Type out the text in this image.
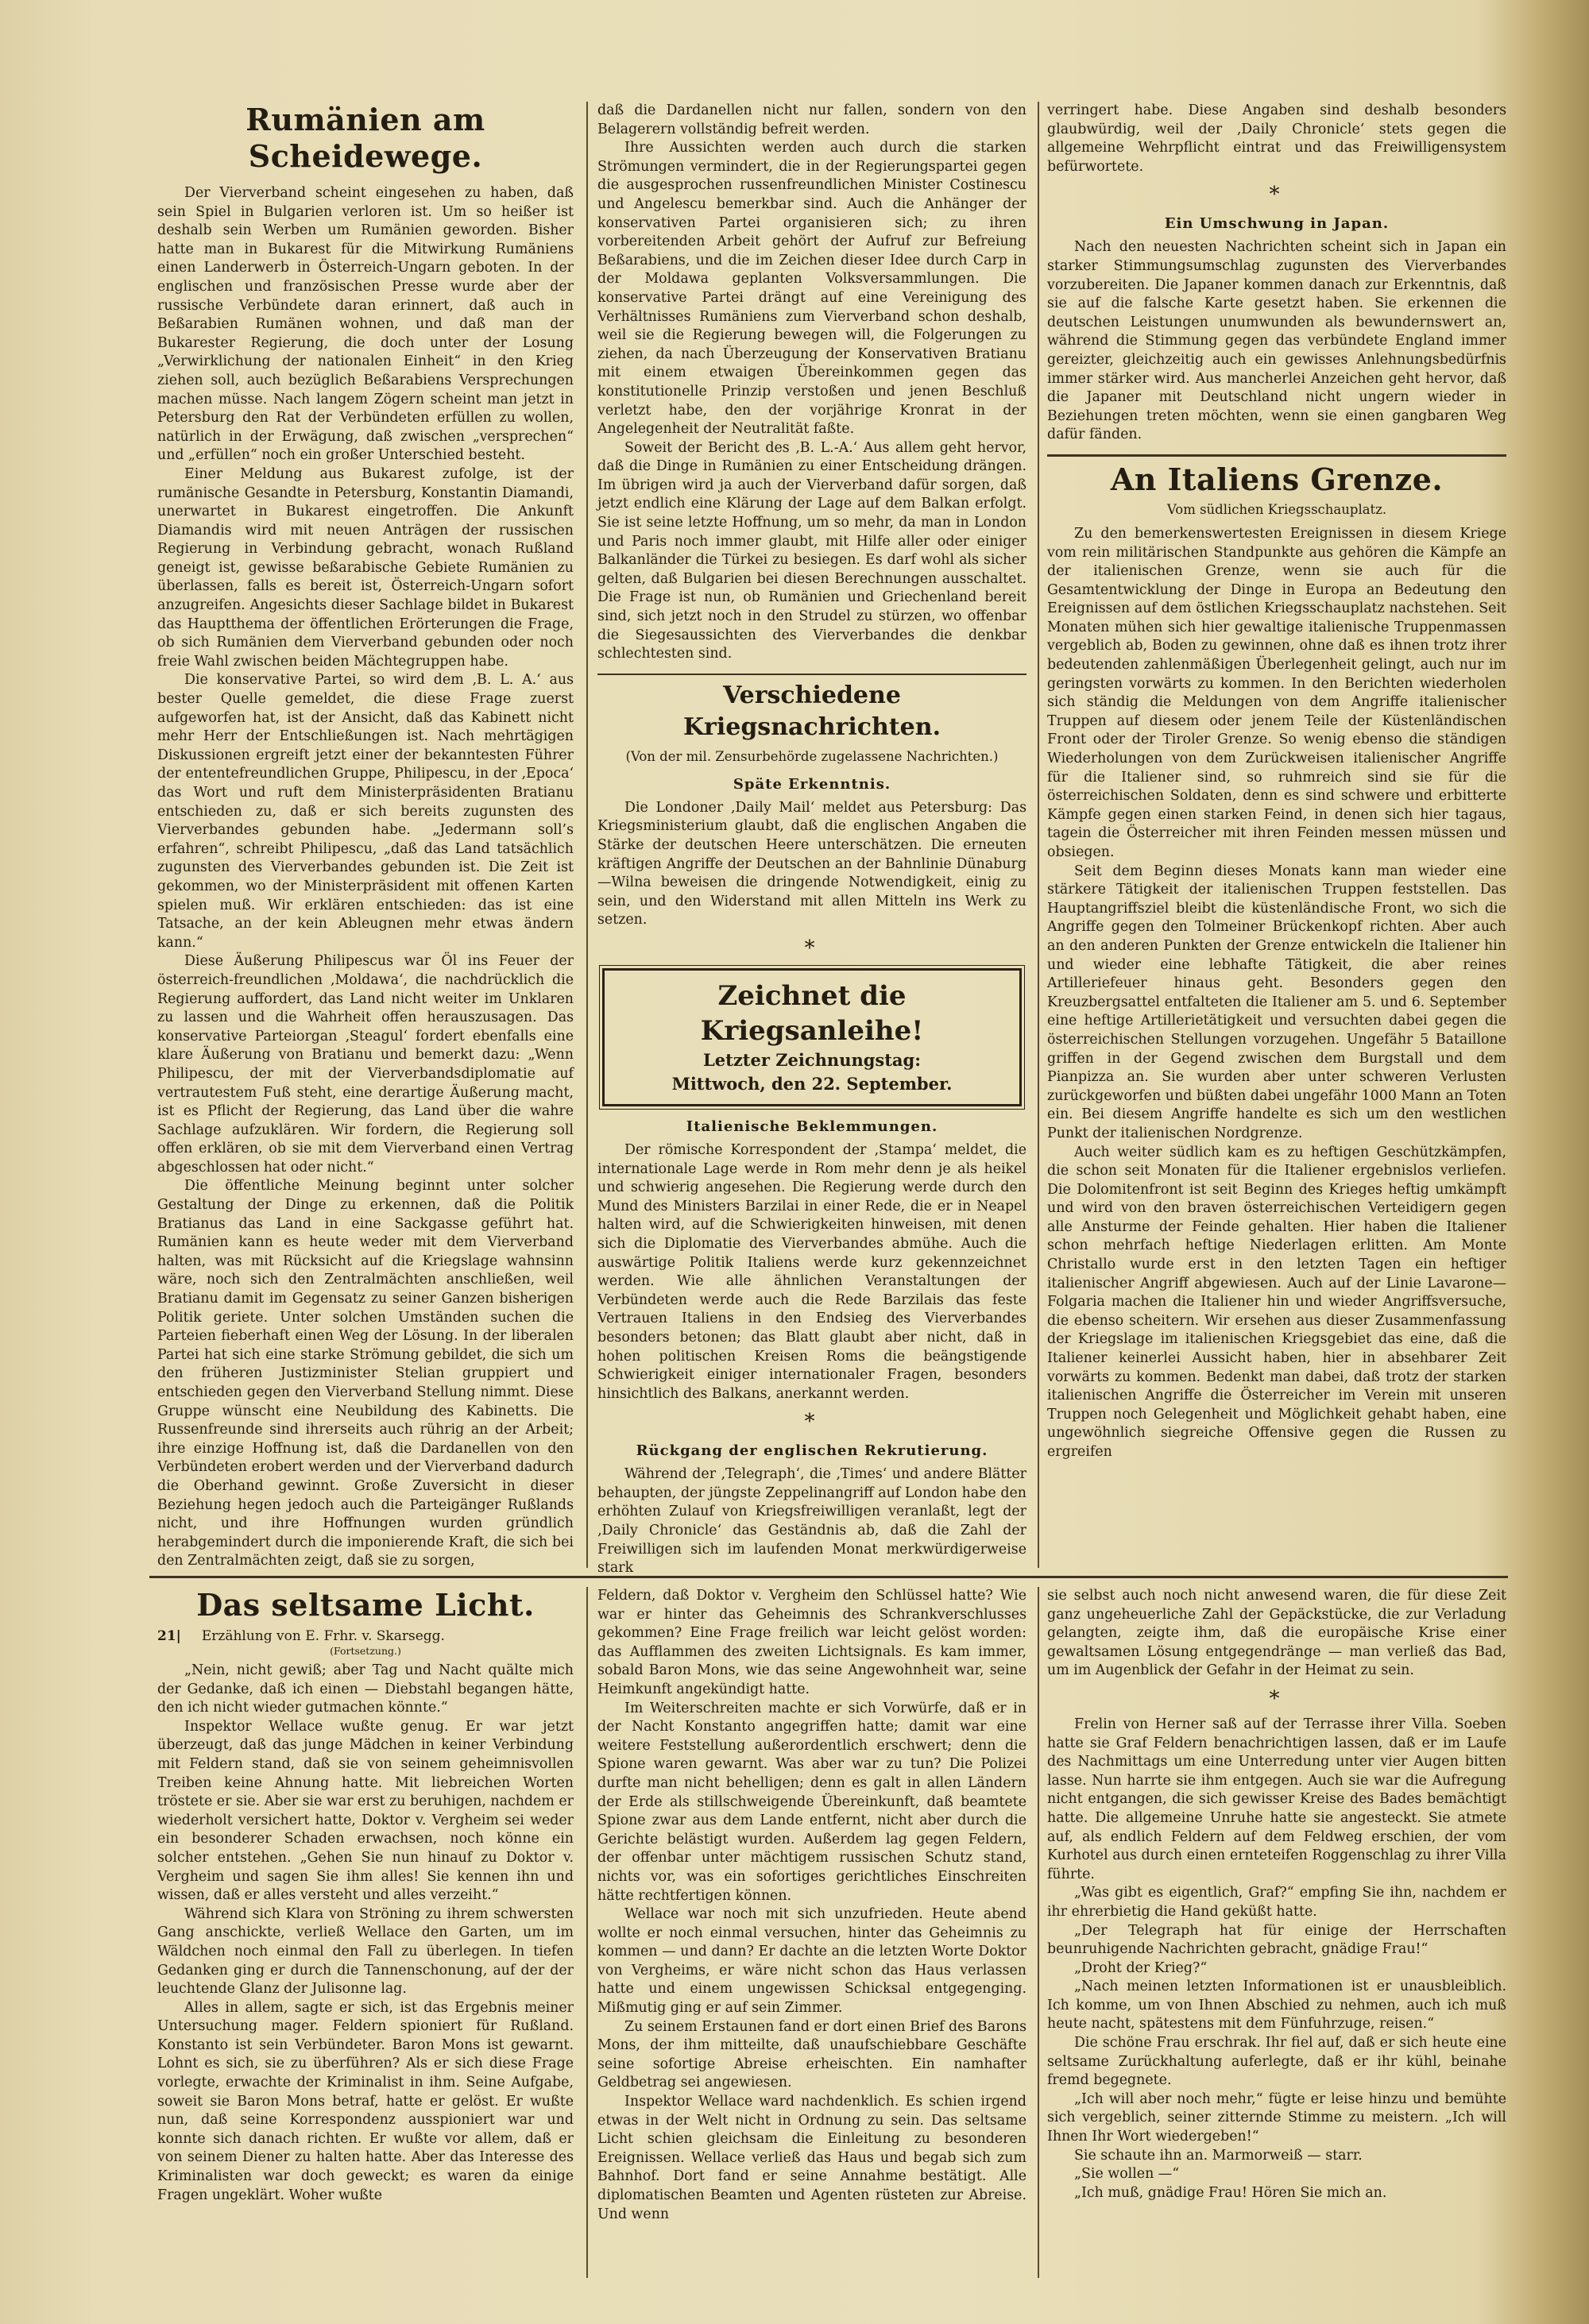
Rumänien am Scheidewege.

Der Vierverband scheint eingesehen zu haben, daß sein Spiel in Bulgarien verloren ist. Um so heißer ist deshalb sein Werben um Rumänien geworden. Bisher hatte man in Bukarest für die Mitwirkung Rumäniens einen Landerwerb in Österreich-Ungarn geboten. In der englischen und französischen Presse wurde aber der russische Verbündete daran erinnert, daß auch in Beßarabien Rumänen wohnen, und daß man der Bukarester Regierung, die doch unter der Losung „Verwirklichung der nationalen Einheit“ in den Krieg ziehen soll, auch bezüglich Beßarabiens Versprechungen machen müsse. Nach langem Zögern scheint man jetzt in Petersburg den Rat der Verbündeten erfüllen zu wollen, natürlich in der Erwägung, daß zwischen „versprechen“ und „erfüllen“ noch ein großer Unterschied besteht.

Einer Meldung aus Bukarest zufolge, ist der rumänische Gesandte in Petersburg, Konstantin Diamandi, unerwartet in Bukarest eingetroffen. Die Ankunft Diamandis wird mit neuen Anträgen der russischen Regierung in Verbindung gebracht, wonach Rußland geneigt ist, gewisse beßarabische Gebiete Rumänien zu überlassen, falls es bereit ist, Österreich-Ungarn sofort anzugreifen. Angesichts dieser Sachlage bildet in Bukarest das Hauptthema der öffentlichen Erörterungen die Frage, ob sich Rumänien dem Vierverband gebunden oder noch freie Wahl zwischen beiden Mächtegruppen habe.

Die konservative Partei, so wird dem ‚B. L. A.‘ aus bester Quelle gemeldet, die diese Frage zuerst aufgeworfen hat, ist der Ansicht, daß das Kabinett nicht mehr Herr der Entschließungen ist. Nach mehrtägigen Diskussionen ergreift jetzt einer der bekanntesten Führer der ententefreundlichen Gruppe, Philipescu, in der ‚Epoca‘ das Wort und ruft dem Ministerpräsidenten Bratianu entschieden zu, daß er sich bereits zugunsten des Vierverbandes gebunden habe. „Jedermann soll’s erfahren“, schreibt Philipescu, „daß das Land tatsächlich zugunsten des Vierverbandes gebunden ist. Die Zeit ist gekommen, wo der Ministerpräsident mit offenen Karten spielen muß. Wir erklären entschieden: das ist eine Tatsache, an der kein Ableugnen mehr etwas ändern kann.“

Diese Äußerung Philipescus war Öl ins Feuer der österreich-freundlichen ‚Moldawa‘, die nachdrücklich die Regierung auffordert, das Land nicht weiter im Unklaren zu lassen und die Wahrheit offen herauszusagen. Das konservative Parteiorgan ‚Steagul‘ fordert ebenfalls eine klare Äußerung von Bratianu und bemerkt dazu: „Wenn Philipescu, der mit der Vierverbandsdiplomatie auf vertrautestem Fuß steht, eine derartige Äußerung macht, ist es Pflicht der Regierung, das Land über die wahre Sachlage aufzuklären. Wir fordern, die Regierung soll offen erklären, ob sie mit dem Vierverband einen Vertrag abgeschlossen hat oder nicht.“

Die öffentliche Meinung beginnt unter solcher Gestaltung der Dinge zu erkennen, daß die Politik Bratianus das Land in eine Sackgasse geführt hat. Rumänien kann es heute weder mit dem Vierverband halten, was mit Rücksicht auf die Kriegslage wahnsinn wäre, noch sich den Zentralmächten anschließen, weil Bratianu damit im Gegensatz zu seiner Ganzen bisherigen Politik geriete. Unter solchen Umständen suchen die Parteien fieberhaft einen Weg der Lösung. In der liberalen Partei hat sich eine starke Strömung gebildet, die sich um den früheren Justizminister Stelian gruppiert und entschieden gegen den Vierverband Stellung nimmt. Diese Gruppe wünscht eine Neubildung des Kabinetts. Die Russenfreunde sind ihrerseits auch rührig an der Arbeit; ihre einzige Hoffnung ist, daß die Dardanellen von den Verbündeten erobert werden und der Vierverband dadurch die Oberhand gewinnt. Große Zuversicht in dieser Beziehung hegen jedoch auch die Parteigänger Rußlands nicht, und ihre Hoffnungen wurden gründlich herabgemindert durch die imponierende Kraft, die sich bei den Zentralmächten zeigt, daß sie zu sorgen,

daß die Dardanellen nicht nur fallen, sondern von den Belagerern vollständig befreit werden.

Ihre Aussichten werden auch durch die starken Strömungen vermindert, die in der Regierungspartei gegen die ausgesprochen russenfreundlichen Minister Costinescu und Angelescu bemerkbar sind. Auch die Anhänger der konservativen Partei organisieren sich; zu ihren vorbereitenden Arbeit gehört der Aufruf zur Befreiung Beßarabiens, und die im Zeichen dieser Idee durch Carp in der Moldawa geplanten Volksversammlungen. Die konservative Partei drängt auf eine Vereinigung des Verhältnisses Rumäniens zum Vierverband schon deshalb, weil sie die Regierung bewegen will, die Folgerungen zu ziehen, da nach Überzeugung der Konservativen Bratianu mit einem etwaigen Übereinkommen gegen das konstitutionelle Prinzip verstoßen und jenen Beschluß verletzt habe, den der vorjährige Kronrat in der Angelegenheit der Neutralität faßte.

Soweit der Bericht des ‚B. L.-A.‘ Aus allem geht hervor, daß die Dinge in Rumänien zu einer Entscheidung drängen. Im übrigen wird ja auch der Vierverband dafür sorgen, daß jetzt endlich eine Klärung der Lage auf dem Balkan erfolgt. Sie ist seine letzte Hoffnung, um so mehr, da man in London und Paris noch immer glaubt, mit Hilfe aller oder einiger Balkanländer die Türkei zu besiegen. Es darf wohl als sicher gelten, daß Bulgarien bei diesen Berechnungen ausschaltet. Die Frage ist nun, ob Rumänien und Griechenland bereit sind, sich jetzt noch in den Strudel zu stürzen, wo offenbar die Siegesaussichten des Vierverbandes die denkbar schlechtesten sind.

Verschiedene Kriegsnachrichten.
(Von der mil. Zensurbehörde zugelassene Nachrichten.)
Späte Erkenntnis.

Die Londoner ‚Daily Mail‘ meldet aus Petersburg: Das Kriegsministerium glaubt, daß die englischen Angaben die Stärke der deutschen Heere unterschätzen. Die erneuten kräftigen Angriffe der Deutschen an der Bahnlinie Dünaburg—Wilna beweisen die dringende Notwendigkeit, einig zu sein, und den Widerstand mit allen Mitteln ins Werk zu setzen.

*

Zeichnet die Kriegsanleihe!
Letzter Zeichnungstag:
Mittwoch, den 22. September.
Italienische Beklemmungen.

Der römische Korrespondent der ‚Stampa‘ meldet, die internationale Lage werde in Rom mehr denn je als heikel und schwierig angesehen. Die Regierung werde durch den Mund des Ministers Barzilai in einer Rede, die er in Neapel halten wird, auf die Schwierigkeiten hinweisen, mit denen sich die Diplomatie des Vierverbandes abmühe. Auch die auswärtige Politik Italiens werde kurz gekennzeichnet werden. Wie alle ähnlichen Veranstaltungen der Verbündeten werde auch die Rede Barzilais das feste Vertrauen Italiens in den Endsieg des Vierverbandes besonders betonen; das Blatt glaubt aber nicht, daß in hohen politischen Kreisen Roms die beängstigende Schwierigkeit einiger internationaler Fragen, besonders hinsichtlich des Balkans, anerkannt werden.

*

Rückgang der englischen Rekrutierung.

Während der ‚Telegraph‘, die ‚Times‘ und andere Blätter behaupten, der jüngste Zeppelinangriff auf London habe den erhöhten Zulauf von Kriegsfreiwilligen veranlaßt, legt der ‚Daily Chronicle‘ das Geständnis ab, daß die Zahl der Freiwilligen sich im laufenden Monat merkwürdigerweise stark

verringert habe. Diese Angaben sind deshalb besonders glaubwürdig, weil der ‚Daily Chronicle‘ stets gegen die allgemeine Wehrpflicht eintrat und das Freiwilligensystem befürwortete.

*

Ein Umschwung in Japan.

Nach den neuesten Nachrichten scheint sich in Japan ein starker Stimmungsumschlag zugunsten des Vierverbandes vorzubereiten. Die Japaner kommen danach zur Erkenntnis, daß sie auf die falsche Karte gesetzt haben. Sie erkennen die deutschen Leistungen unumwunden als bewundernswert an, während die Stimmung gegen das verbündete England immer gereizter, gleichzeitig auch ein gewisses Anlehnungsbedürfnis immer stärker wird. Aus mancherlei Anzeichen geht hervor, daß die Japaner mit Deutschland nicht ungern wieder in Beziehungen treten möchten, wenn sie einen gangbaren Weg dafür fänden.

An Italiens Grenze.
Vom südlichen Kriegsschauplatz.

Zu den bemerkenswertesten Ereignissen in diesem Kriege vom rein militärischen Standpunkte aus gehören die Kämpfe an der italienischen Grenze, wenn sie auch für die Gesamtentwicklung der Dinge in Europa an Bedeutung den Ereignissen auf dem östlichen Kriegsschauplatz nachstehen. Seit Monaten mühen sich hier gewaltige italienische Truppenmassen vergeblich ab, Boden zu gewinnen, ohne daß es ihnen trotz ihrer bedeutenden zahlenmäßigen Überlegenheit gelingt, auch nur im geringsten vorwärts zu kommen. In den Berichten wiederholen sich ständig die Meldungen von dem Angriffe italienischer Truppen auf diesem oder jenem Teile der Küstenländischen Front oder der Tiroler Grenze. So wenig ebenso die ständigen Wiederholungen von dem Zurückweisen italienischer Angriffe für die Italiener sind, so ruhmreich sind sie für die österreichischen Soldaten, denn es sind schwere und erbitterte Kämpfe gegen einen starken Feind, in denen sich hier tagaus, tagein die Österreicher mit ihren Feinden messen müssen und obsiegen.

Seit dem Beginn dieses Monats kann man wieder eine stärkere Tätigkeit der italienischen Truppen feststellen. Das Hauptangriffsziel bleibt die küstenländische Front, wo sich die Angriffe gegen den Tolmeiner Brückenkopf richten. Aber auch an den anderen Punkten der Grenze entwickeln die Italiener hin und wieder eine lebhafte Tätigkeit, die aber reines Artilleriefeuer hinaus geht. Besonders gegen den Kreuzbergsattel entfalteten die Italiener am 5. und 6. September eine heftige Artillerietätigkeit und versuchten dabei gegen die österreichischen Stellungen vorzugehen. Ungefähr 5 Bataillone griffen in der Gegend zwischen dem Burgstall und dem Pianpizza an. Sie wurden aber unter schweren Verlusten zurückgeworfen und büßten dabei ungefähr 1000 Mann an Toten ein. Bei diesem Angriffe handelte es sich um den westlichen Punkt der italienischen Nordgrenze.

Auch weiter südlich kam es zu heftigen Geschützkämpfen, die schon seit Monaten für die Italiener ergebnislos verliefen. Die Dolomitenfront ist seit Beginn des Krieges heftig umkämpft und wird von den braven österreichischen Verteidigern gegen alle Ansturme der Feinde gehalten. Hier haben die Italiener schon mehrfach heftige Niederlagen erlitten. Am Monte Christallo wurde erst in den letzten Tagen ein heftiger italienischer Angriff abgewiesen. Auch auf der Linie Lavarone—Folgaria machen die Italiener hin und wieder Angriffsversuche, die ebenso scheitern. Wir ersehen aus dieser Zusammenfassung der Kriegslage im italienischen Kriegsgebiet das eine, daß die Italiener keinerlei Aussicht haben, hier in absehbarer Zeit vorwärts zu kommen. Bedenkt man dabei, daß trotz der starken italienischen Angriffe die Österreicher im Verein mit unseren Truppen noch Gelegenheit und Möglichkeit gehabt haben, eine ungewöhnlich siegreiche Offensive gegen die Russen zu ergreifen

Das seltsame Licht.
21| Erzählung von E. Frhr. v. Skarsegg.
(Fortsetzung.)

„Nein, nicht gewiß; aber Tag und Nacht quälte mich der Gedanke, daß ich einen — Diebstahl begangen hätte, den ich nicht wieder gutmachen könnte.“

Inspektor Wellace wußte genug. Er war jetzt überzeugt, daß das junge Mädchen in keiner Verbindung mit Feldern stand, daß sie von seinem geheimnisvollen Treiben keine Ahnung hatte. Mit liebreichen Worten tröstete er sie. Aber sie war erst zu beruhigen, nachdem er wiederholt versichert hatte, Doktor v. Vergheim sei weder ein besonderer Schaden erwachsen, noch könne ein solcher entstehen. „Gehen Sie nun hinauf zu Doktor v. Vergheim und sagen Sie ihm alles! Sie kennen ihn und wissen, daß er alles versteht und alles verzeiht.“

Während sich Klara von Ströning zu ihrem schwersten Gang anschickte, verließ Wellace den Garten, um im Wäldchen noch einmal den Fall zu überlegen. In tiefen Gedanken ging er durch die Tannenschonung, auf der der leuchtende Glanz der Julisonne lag.

Alles in allem, sagte er sich, ist das Ergebnis meiner Untersuchung mager. Feldern spioniert für Rußland. Konstanto ist sein Verbündeter. Baron Mons ist gewarnt. Lohnt es sich, sie zu überführen? Als er sich diese Frage vorlegte, erwachte der Kriminalist in ihm. Seine Aufgabe, soweit sie Baron Mons betraf, hatte er gelöst. Er wußte nun, daß seine Korrespondenz ausspioniert war und konnte sich danach richten. Er wußte vor allem, daß er von seinem Diener zu halten hatte. Aber das Interesse des Kriminalisten war doch geweckt; es waren da einige Fragen ungeklärt. Woher wußte

Feldern, daß Doktor v. Vergheim den Schlüssel hatte? Wie war er hinter das Geheimnis des Schrankverschlusses gekommen? Eine Frage freilich war leicht gelöst worden: das Aufflammen des zweiten Lichtsignals. Es kam immer, sobald Baron Mons, wie das seine Angewohnheit war, seine Heimkunft angekündigt hatte.

Im Weiterschreiten machte er sich Vorwürfe, daß er in der Nacht Konstanto angegriffen hatte; damit war eine weitere Feststellung außerordentlich erschwert; denn die Spione waren gewarnt. Was aber war zu tun? Die Polizei durfte man nicht behelligen; denn es galt in allen Ländern der Erde als stillschweigende Übereinkunft, daß beamtete Spione zwar aus dem Lande entfernt, nicht aber durch die Gerichte belästigt wurden. Außerdem lag gegen Feldern, der offenbar unter mächtigem russischen Schutz stand, nichts vor, was ein sofortiges gerichtliches Einschreiten hätte rechtfertigen können.

Wellace war noch mit sich unzufrieden. Heute abend wollte er noch einmal versuchen, hinter das Geheimnis zu kommen — und dann? Er dachte an die letzten Worte Doktor von Vergheims, er wäre nicht schon das Haus verlassen hatte und einem ungewissen Schicksal entgegenging. Mißmutig ging er auf sein Zimmer.

Zu seinem Erstaunen fand er dort einen Brief des Barons Mons, der ihm mitteilte, daß unaufschiebbare Geschäfte seine sofortige Abreise erheischten. Ein namhafter Geldbetrag sei angewiesen.

Inspektor Wellace ward nachdenklich. Es schien irgend etwas in der Welt nicht in Ordnung zu sein. Das seltsame Licht schien gleichsam die Einleitung zu besonderen Ereignissen. Wellace verließ das Haus und begab sich zum Bahnhof. Dort fand er seine Annahme bestätigt. Alle diplomatischen Beamten und Agenten rüsteten zur Abreise. Und wenn

sie selbst auch noch nicht anwesend waren, die für diese Zeit ganz ungeheuerliche Zahl der Gepäckstücke, die zur Verladung gelangten, zeigte ihm, daß die europäische Krise einer gewaltsamen Lösung entgegendränge — man verließ das Bad, um im Augenblick der Gefahr in der Heimat zu sein.

*

Frelin von Herner saß auf der Terrasse ihrer Villa. Soeben hatte sie Graf Feldern benachrichtigen lassen, daß er im Laufe des Nachmittags um eine Unterredung unter vier Augen bitten lasse. Nun harrte sie ihm entgegen. Auch sie war die Aufregung nicht entgangen, die sich gewisser Kreise des Bades bemächtigt hatte. Die allgemeine Unruhe hatte sie angesteckt. Sie atmete auf, als endlich Feldern auf dem Feldweg erschien, der vom Kurhotel aus durch einen ernteteifen Roggenschlag zu ihrer Villa führte.

„Was gibt es eigentlich, Graf?“ empfing Sie ihn, nachdem er ihr ehrerbietig die Hand geküßt hatte.

„Der Telegraph hat für einige der Herrschaften beunruhigende Nachrichten gebracht, gnädige Frau!“

„Droht der Krieg?“

„Nach meinen letzten Informationen ist er unausbleiblich. Ich komme, um von Ihnen Abschied zu nehmen, auch ich muß heute nacht, spätestens mit dem Fünfuhrzuge, reisen.“

Die schöne Frau erschrak. Ihr fiel auf, daß er sich heute eine seltsame Zurückhaltung auferlegte, daß er ihr kühl, beinahe fremd begegnete.

„Ich will aber noch mehr,“ fügte er leise hinzu und bemühte sich vergeblich, seiner zitternde Stimme zu meistern. „Ich will Ihnen Ihr Wort wiedergeben!“

Sie schaute ihn an. Marmorweiß — starr.

„Sie wollen —“

„Ich muß, gnädige Frau! Hören Sie mich an.
